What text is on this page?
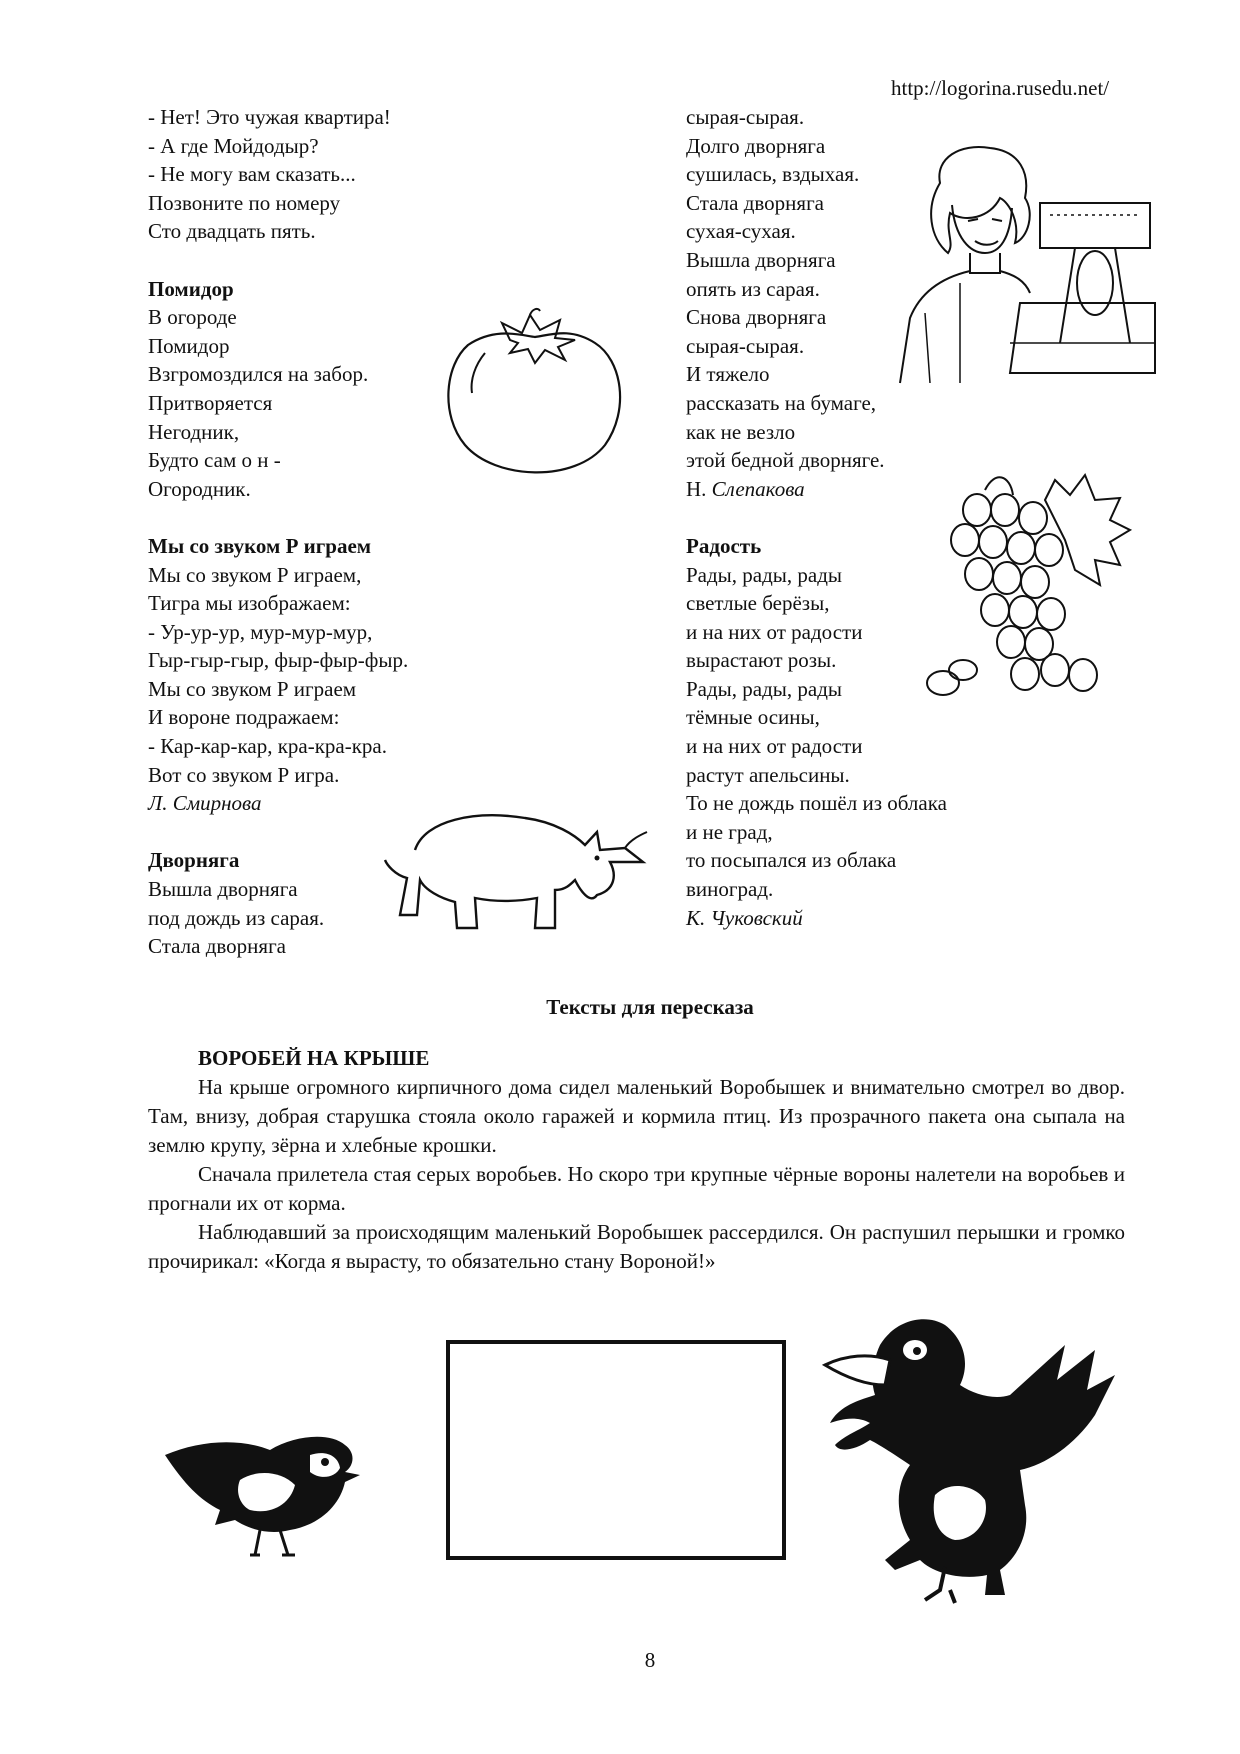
http://logorina.rusedu.net/
- Нет! Это чужая квартира!
- А где Мойдодыр?
- Не могу вам сказать...
Позвоните по номеру
Сто двадцать пять.
Помидор
В огороде
Помидор
Взгромоздился на забор.
Притворяется
Негодник,
Будто сам о н -
Огородник.
Мы со звуком Р играем
Мы со звуком Р играем,
Тигра мы изображаем:
- Ур-ур-ур, мур-мур-мур,
Гыр-гыр-гыр, фыр-фыр-фыр.
Мы со звуком Р играем
И вороне подражаем:
- Кар-кар-кар, кра-кра-кра.
Вот со звуком Р игра.
Л. Смирнова
Дворняга
Вышла дворняга
под дождь из сарая.
Стала дворняга
сырая-сырая.
Долго дворняга
сушилась, вздыхая.
Стала дворняга
сухая-сухая.
Вышла дворняга
опять из сарая.
Снова дворняга
сырая-сырая.
И тяжело
рассказать на бумаге,
как не везло
этой бедной дворняге.
Н. Слепакова
Радость
Рады, рады, рады
светлые берёзы,
и на них от радости
вырастают розы.
Рады, рады, рады
тёмные осины,
и на них от радости
растут апельсины.
То не дождь пошёл из облака
и не град,
то посыпался из облака
виноград.
К. Чуковский
Тексты для пересказа
ВОРОБЕЙ НА КРЫШЕ

На крыше огромного кирпичного дома сидел маленький Воробышек и внимательно смотрел во двор. Там, внизу, добрая старушка стояла около гаражей и кормила птиц. Из прозрачного пакета она сыпала на землю крупу, зёрна и хлебные крошки.

Сначала прилетела стая серых воробьев. Но скоро три крупные чёрные вороны налетели на воробьев и прогнали их от корма.

Наблюдавший за происходящим маленький Воробышек рассердился. Он распушил перышки и громко прочирикал: «Когда я вырасту, то обязательно стану Вороной!»

8
